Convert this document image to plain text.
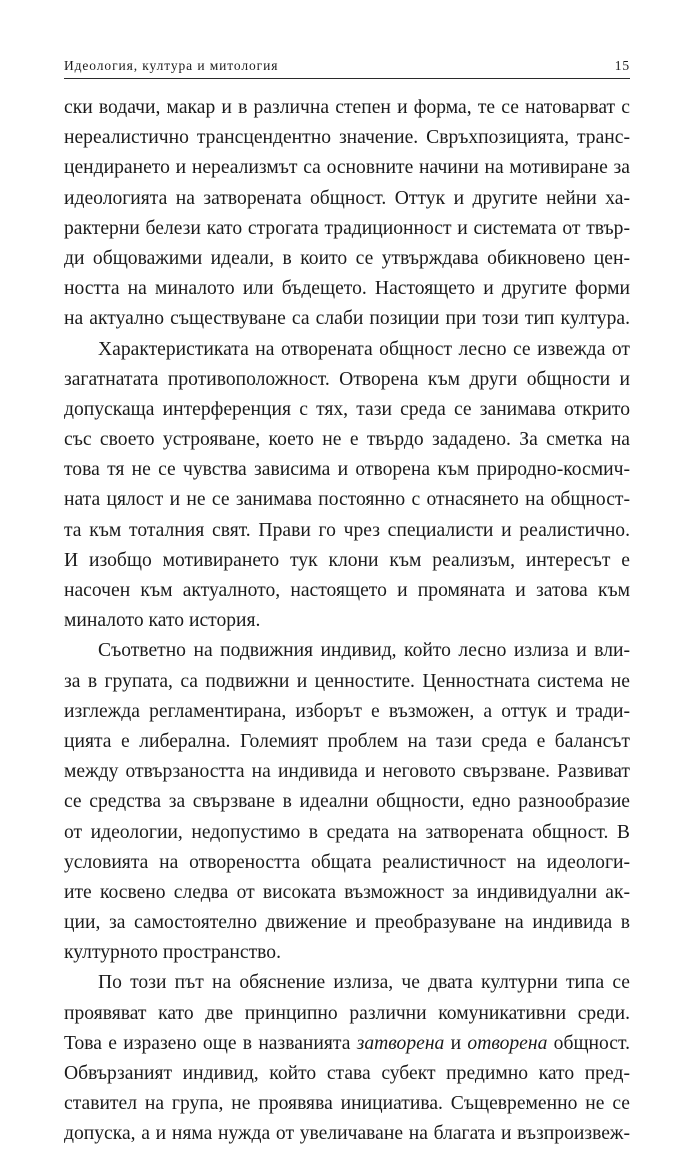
Идеология, култура и митология	15

ски водачи, макар и в различна степен и форма, те се натоварват с
нереалистично трансцендентно значение. Свръхпозицията, транс-
цендирането и нереализмът са основните начини на мотивиране за
идеологията на затворената общност. Оттук и другите нейни ха-
рактерни белези като строгата традиционност и системата от твър-
ди общоважими идеали, в които се утвърждава обикновено цен-
ността на миналото или бъдещето. Настоящето и другите форми
на актуално съществуване са слаби позиции при този тип култура.

Характеристиката на отворената общност лесно се извежда от
загатнатата противоположност. Отворена към други общности и
допускаща интерференция с тях, тази среда се занимава открито
със своето устрояване, което не е твърдо зададено. За сметка на
това тя не се чувства зависима и отворена към природно-космич-
ната цялост и не се занимава постоянно с отнасянето на общност-
та към тоталния свят. Прави го чрез специалисти и реалистично.
И изобщо мотивирането тук клони към реализъм, интересът е
насочен към актуалното, настоящето и промяната и затова към
миналото като история.

Съответно на подвижния индивид, който лесно излиза и вли-
за в групата, са подвижни и ценностите. Ценностната система не
изглежда регламентирана, изборът е възможен, а оттук и тради-
цията е либерална. Големият проблем на тази среда е балансът
между отвързаността на индивида и неговото свързване. Развиват
се средства за свързване в идеални общности, едно разнообразие
от идеологии, недопустимо в средата на затворената общност. В
условията на отвореността общата реалистичност на идеологи-
ите косвено следва от високата възможност за индивидуални ак-
ции, за самостоятелно движение и преобразуване на индивида в
културното пространство.

По този път на обяснение излиза, че двата културни типа се
проявяват като две принципно различни комуникативни среди.
Това е изразено още в названията затворена и отворена общност.
Обвързаният индивид, който става субект предимно като пред-
ставител на група, не проявява инициатива. Същевременно не се
допуска, а и няма нужда от увеличаване на благата и възпроизвеж-
